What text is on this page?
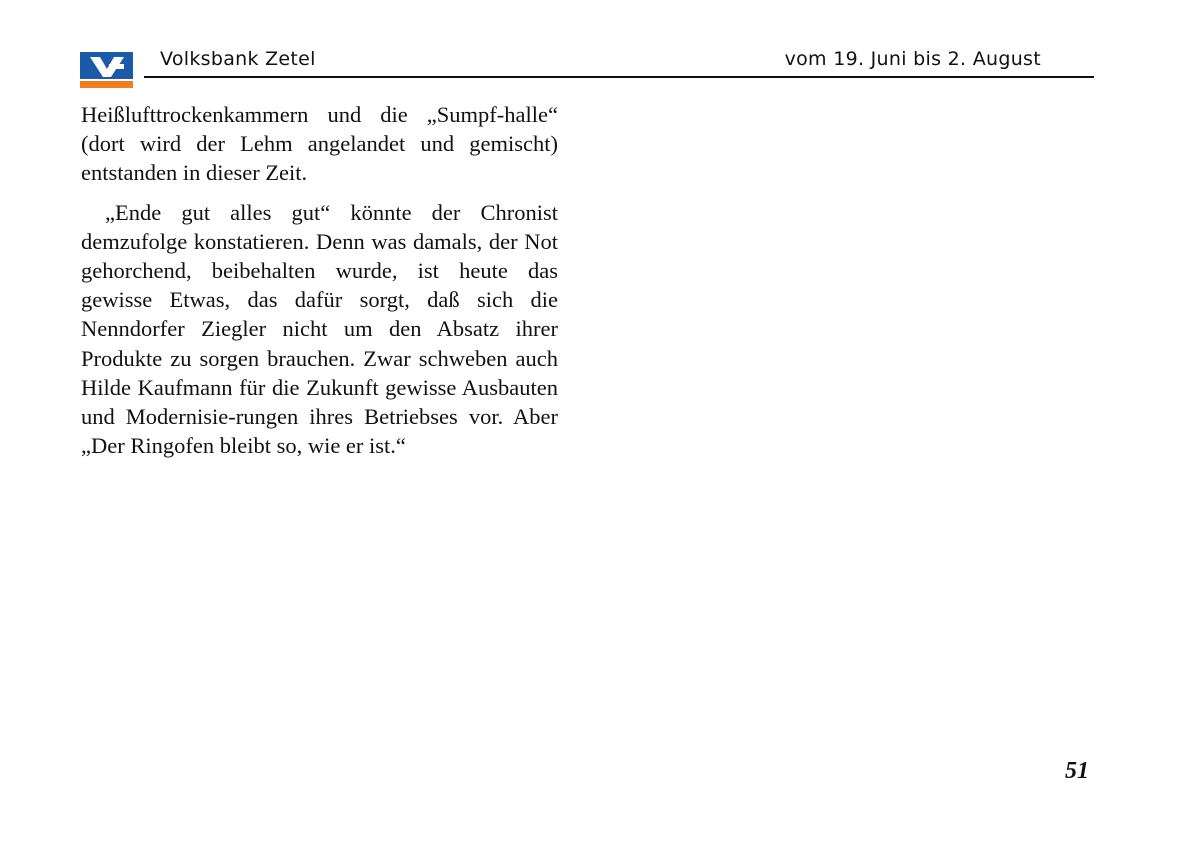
Volksbank Zetel	vom 19. Juni bis 2. August

Heißlufttrockenkammern und die „Sumpf-halle“ (dort wird der Lehm angelandet und gemischt) entstanden in dieser Zeit.

„Ende gut alles gut“ könnte der Chronist demzufolge konstatieren. Denn was damals, der Not gehorchend, beibehalten wurde, ist heute das gewisse Etwas, das dafür sorgt, daß sich die Nenndorfer Ziegler nicht um den Absatz ihrer Produkte zu sorgen brauchen. Zwar schweben auch Hilde Kaufmann für die Zukunft gewisse Ausbauten und Modernisie-rungen ihres Betriebses vor. Aber „Der Ringofen bleibt so, wie er ist.“

51
